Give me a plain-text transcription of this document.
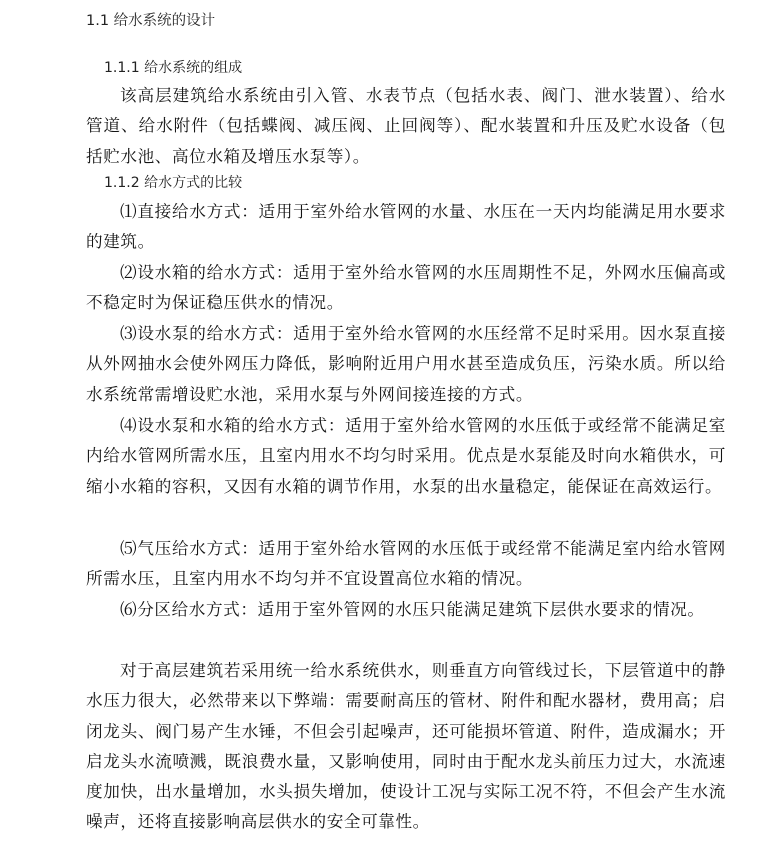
1.1 给水系统的设计
1.1.1 给水系统的组成

该高层建筑给水系统由引入管、水表节点（包括水表、阀门、泄水装置）、给水管道、给水附件（包括蝶阀、减压阀、止回阀等）、配水装置和升压及贮水设备（包括贮水池、高位水箱及增压水泵等）。

1.1.2 给水方式的比较

⑴直接给水方式：适用于室外给水管网的水量、水压在一天内均能满足用水要求的建筑。

⑵设水箱的给水方式：适用于室外给水管网的水压周期性不足，外网水压偏高或不稳定时为保证稳压供水的情况。

⑶设水泵的给水方式：适用于室外给水管网的水压经常不足时采用。因水泵直接从外网抽水会使外网压力降低，影响附近用户用水甚至造成负压，污染水质。所以给水系统常需增设贮水池，采用水泵与外网间接连接的方式。

⑷设水泵和水箱的给水方式：适用于室外给水管网的水压低于或经常不能满足室内给水管网所需水压，且室内用水不均匀时采用。优点是水泵能及时向水箱供水，可缩小水箱的容积，又因有水箱的调节作用，水泵的出水量稳定，能保证在高效运行。

⑸气压给水方式：适用于室外给水管网的水压低于或经常不能满足室内给水管网所需水压，且室内用水不均匀并不宜设置高位水箱的情况。

⑹分区给水方式：适用于室外管网的水压只能满足建筑下层供水要求的情况。

对于高层建筑若采用统一给水系统供水，则垂直方向管线过长，下层管道中的静水压力很大，必然带来以下弊端：需要耐高压的管材、附件和配水器材，费用高；启闭龙头、阀门易产生水锤，不但会引起噪声，还可能损坏管道、附件，造成漏水；开启龙头水流喷溅，既浪费水量，又影响使用，同时由于配水龙头前压力过大，水流速度加快，出水量增加，水头损失增加，使设计工况与实际工况不符，不但会产生水流噪声，还将直接影响高层供水的安全可靠性。
